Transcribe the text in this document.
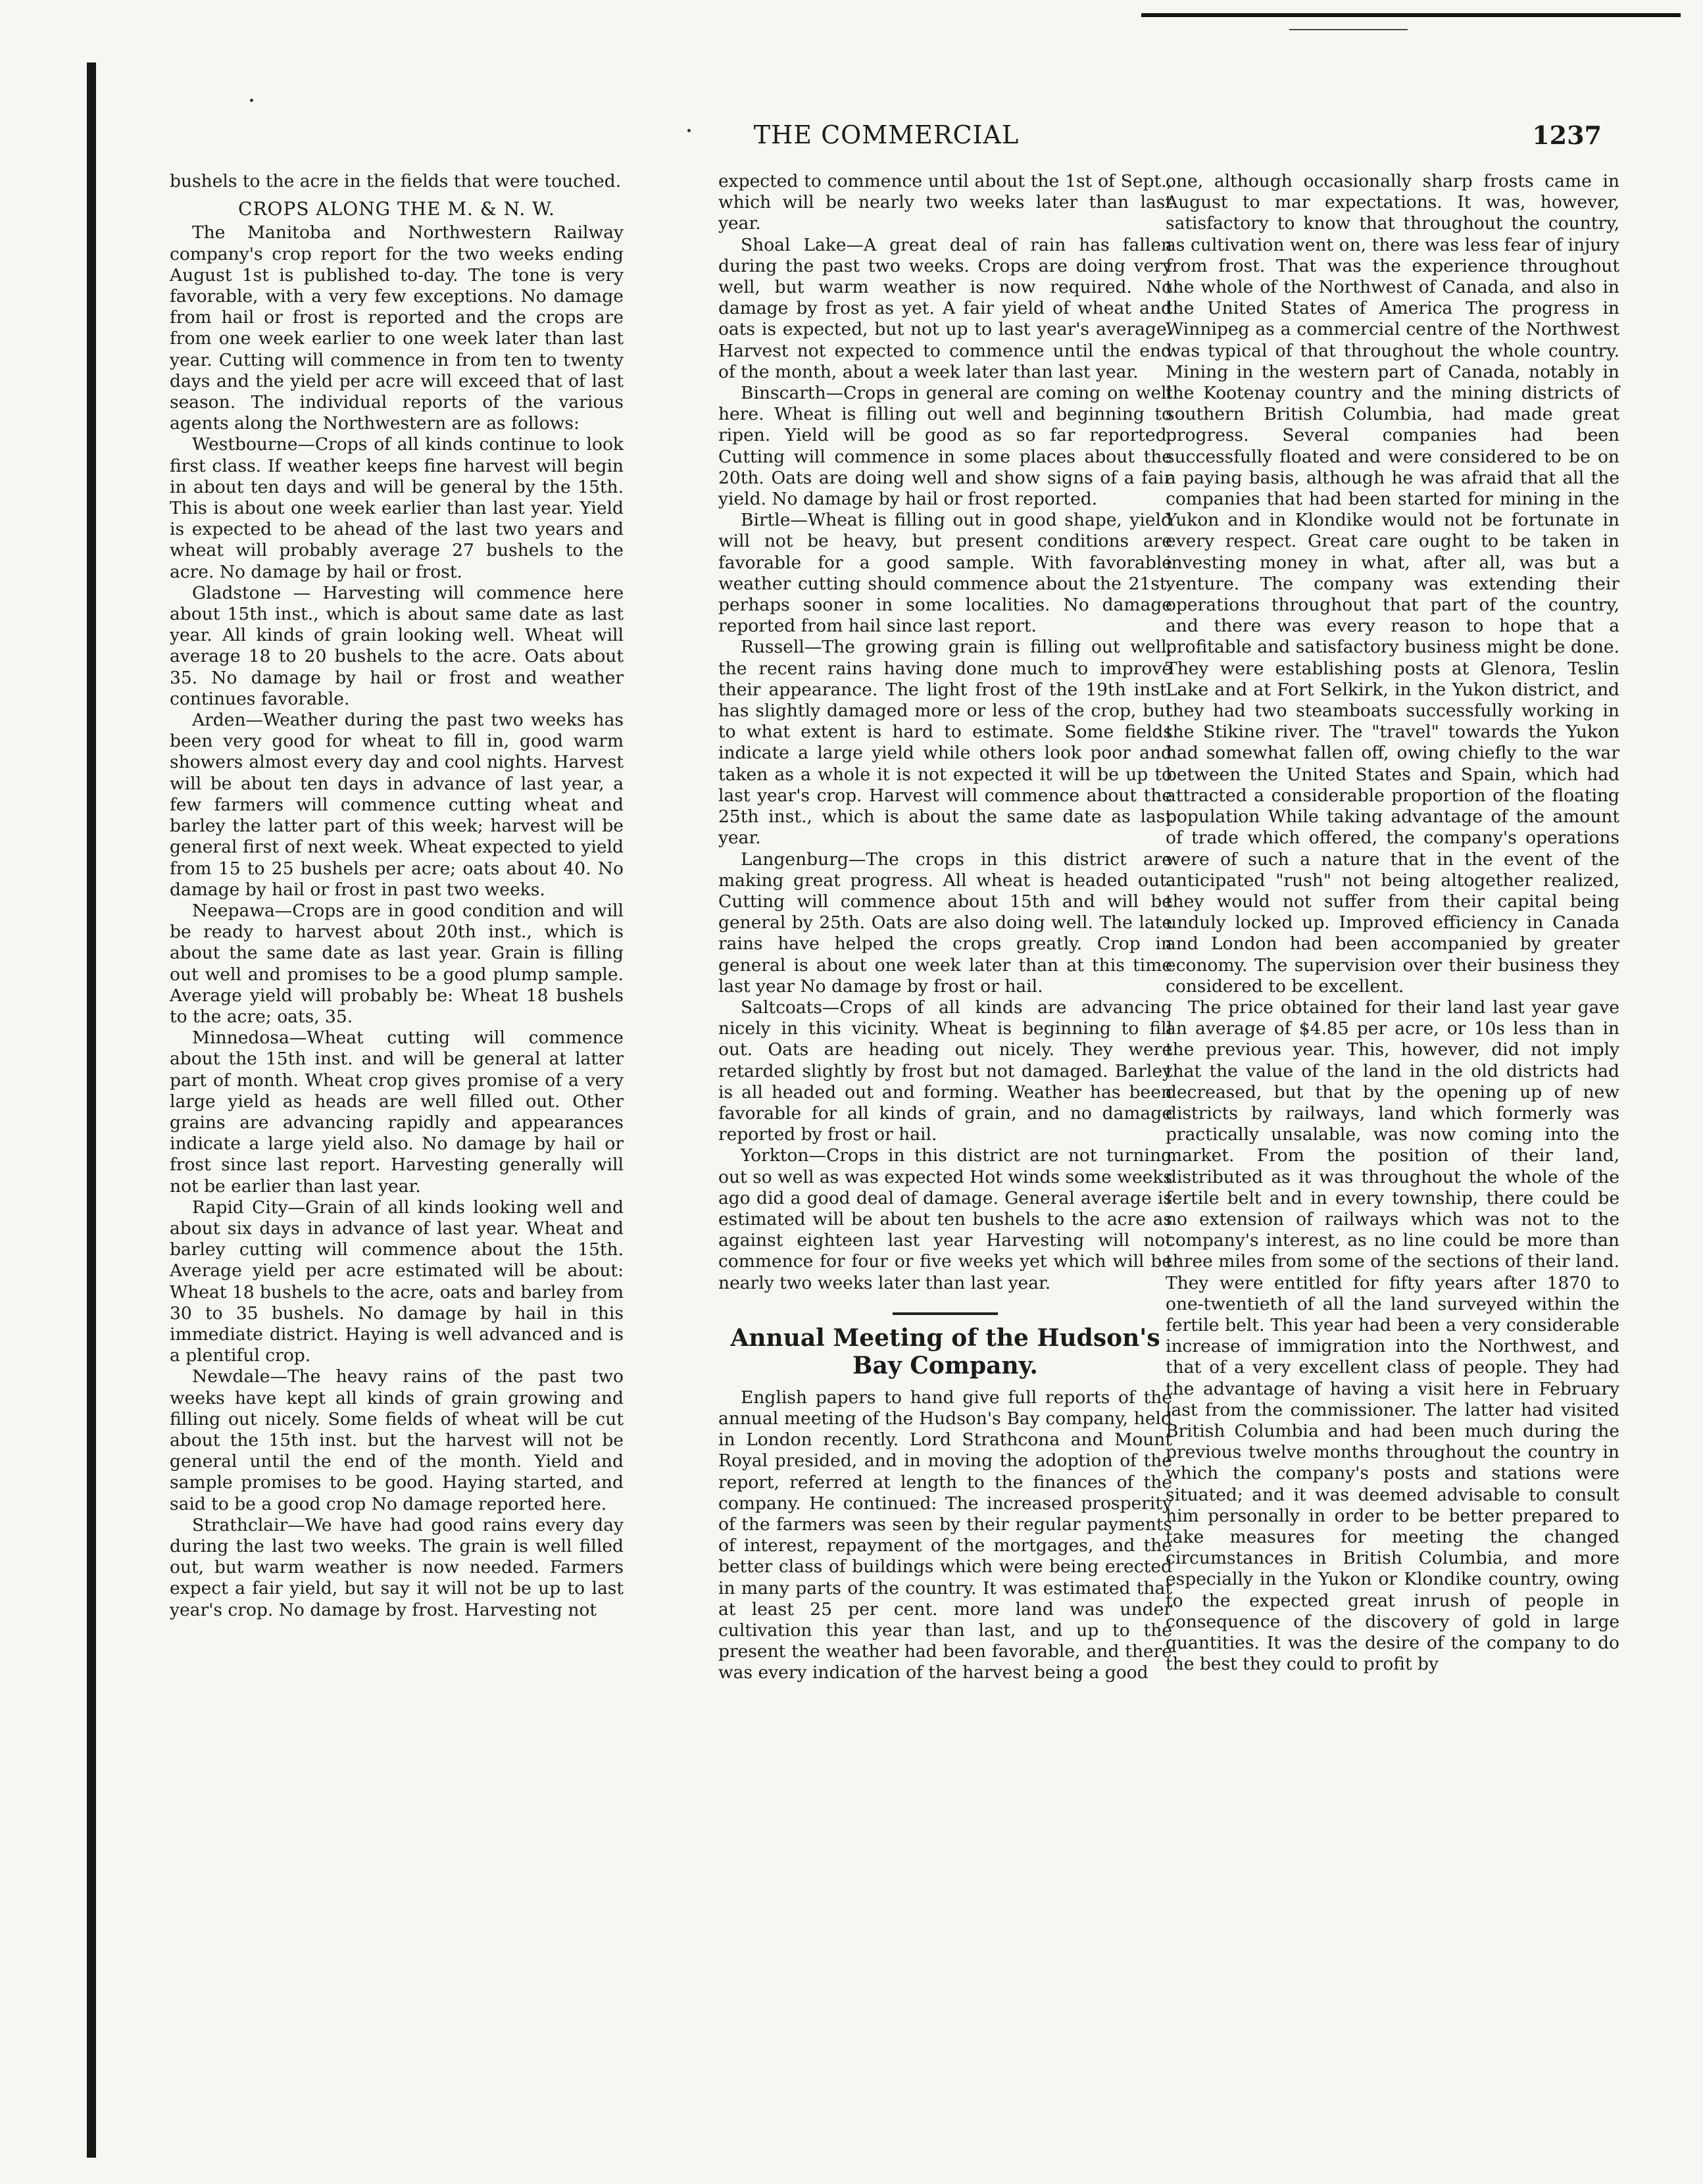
THE COMMERCIAL	1237

bushels to the acre in the fields that were touched.

CROPS ALONG THE M. & N. W.

The Manitoba and Northwestern Railway company's crop report for the two weeks ending August 1st is published to-day. The tone is very favorable, with a very few exceptions. No damage from hail or frost is reported and the crops are from one week earlier to one week later than last year. Cutting will commence in from ten to twenty days and the yield per acre will exceed that of last season. The individual reports of the various agents along the Northwestern are as follows:

Westbourne—Crops of all kinds continue to look first class. If weather keeps fine harvest will begin in about ten days and will be general by the 15th. This is about one week earlier than last year. Yield is expected to be ahead of the last two years and wheat will probably average 27 bushels to the acre. No damage by hail or frost.

Gladstone — Harvesting will commence here about 15th inst., which is about same date as last year. All kinds of grain looking well. Wheat will average 18 to 20 bushels to the acre. Oats about 35. No damage by hail or frost and weather continues favorable.

Arden—Weather during the past two weeks has been very good for wheat to fill in, good warm showers almost every day and cool nights. Harvest will be about ten days in advance of last year, a few farmers will commence cutting wheat and barley the latter part of this week; harvest will be general first of next week. Wheat expected to yield from 15 to 25 bushels per acre; oats about 40. No damage by hail or frost in past two weeks.

Neepawa—Crops are in good condition and will be ready to harvest about 20th inst., which is about the same date as last year. Grain is filling out well and promises to be a good plump sample. Average yield will probably be: Wheat 18 bushels to the acre; oats, 35.

Minnedosa—Wheat cutting will commence about the 15th inst. and will be general at latter part of month. Wheat crop gives promise of a very large yield as heads are well filled out. Other grains are advancing rapidly and appearances indicate a large yield also. No damage by hail or frost since last report. Harvesting generally will not be earlier than last year.

Rapid City—Grain of all kinds looking well and about six days in advance of last year. Wheat and barley cutting will commence about the 15th. Average yield per acre estimated will be about: Wheat 18 bushels to the acre, oats and barley from 30 to 35 bushels. No damage by hail in this immediate district. Haying is well advanced and is a plentiful crop.

Newdale—The heavy rains of the past two weeks have kept all kinds of grain growing and filling out nicely. Some fields of wheat will be cut about the 15th inst. but the harvest will not be general until the end of the month. Yield and sample promises to be good. Haying started, and said to be a good crop No damage reported here.

Strathclair—We have had good rains every day during the last two weeks. The grain is well filled out, but warm weather is now needed. Farmers expect a fair yield, but say it will not be up to last year's crop. No damage by frost. Harvesting not

expected to commence until about the 1st of Sept., which will be nearly two weeks later than last year.

Shoal Lake—A great deal of rain has fallen during the past two weeks. Crops are doing very well, but warm weather is now required. No damage by frost as yet. A fair yield of wheat and oats is expected, but not up to last year's average. Harvest not expected to commence until the end of the month, about a week later than last year.

Binscarth—Crops in general are coming on well here. Wheat is filling out well and beginning to ripen. Yield will be good as so far reported. Cutting will commence in some places about the 20th. Oats are doing well and show signs of a fair yield. No damage by hail or frost reported.

Birtle—Wheat is filling out in good shape, yield will not be heavy, but present conditions are favorable for a good sample. With favorable weather cutting should commence about the 21st, perhaps sooner in some localities. No damage reported from hail since last report.

Russell—The growing grain is filling out well, the recent rains having done much to improve their appearance. The light frost of the 19th inst. has slightly damaged more or less of the crop, but to what extent is hard to estimate. Some fields indicate a large yield while others look poor and taken as a whole it is not expected it will be up to last year's crop. Harvest will commence about the 25th inst., which is about the same date as last year.

Langenburg—The crops in this district are making great progress. All wheat is headed out. Cutting will commence about 15th and will be general by 25th. Oats are also doing well. The late rains have helped the crops greatly. Crop in general is about one week later than at this time last year No damage by frost or hail.

Saltcoats—Crops of all kinds are advancing nicely in this vicinity. Wheat is beginning to fill out. Oats are heading out nicely. They were retarded slightly by frost but not damaged. Barley is all headed out and forming. Weather has been favorable for all kinds of grain, and no damage reported by frost or hail.

Yorkton—Crops in this district are not turning out so well as was expected Hot winds some weeks ago did a good deal of damage. General average is estimated will be about ten bushels to the acre as against eighteen last year Harvesting will not commence for four or five weeks yet which will be nearly two weeks later than last year.

Annual Meeting of the Hudson's Bay Company.

English papers to hand give full reports of the annual meeting of the Hudson's Bay company, held in London recently. Lord Strathcona and Mount Royal presided, and in moving the adoption of the report, referred at length to the finances of the company. He continued: The increased prosperity of the farmers was seen by their regular payments of interest, repayment of the mortgages, and the better class of buildings which were being erected in many parts of the country. It was estimated that at least 25 per cent. more land was under cultivation this year than last, and up to the present the weather had been favorable, and there was every indication of the harvest being a good

one, although occasionally sharp frosts came in August to mar expectations. It was, however, satisfactory to know that throughout the country, as cultivation went on, there was less fear of injury from frost. That was the experience throughout the whole of the Northwest of Canada, and also in the United States of America The progress in Winnipeg as a commercial centre of the Northwest was typical of that throughout the whole country. Mining in the western part of Canada, notably in the Kootenay country and the mining districts of southern British Columbia, had made great progress. Several companies had been successfully floated and were considered to be on a paying basis, although he was afraid that all the companies that had been started for mining in the Yukon and in Klondike would not be fortunate in every respect. Great care ought to be taken in investing money in what, after all, was but a venture. The company was extending their operations throughout that part of the country, and there was every reason to hope that a profitable and satisfactory business might be done. They were establishing posts at Glenora, Teslin Lake and at Fort Selkirk, in the Yukon district, and they had two steamboats successfully working in the Stikine river. The "travel" towards the Yukon had somewhat fallen off, owing chiefly to the war between the United States and Spain, which had attracted a considerable proportion of the floating population While taking advantage of the amount of trade which offered, the company's operations were of such a nature that in the event of the anticipated "rush" not being altogether realized, they would not suffer from their capital being unduly locked up. Improved efficiency in Canada and London had been accompanied by greater economy. The supervision over their business they considered to be excellent.

The price obtained for their land last year gave an average of $4.85 per acre, or 10s less than in the previous year. This, however, did not imply that the value of the land in the old districts had decreased, but that by the opening up of new districts by railways, land which formerly was practically unsalable, was now coming into the market. From the position of their land, distributed as it was throughout the whole of the fertile belt and in every township, there could be no extension of railways which was not to the company's interest, as no line could be more than three miles from some of the sections of their land. They were entitled for fifty years after 1870 to one-twentieth of all the land surveyed within the fertile belt. This year had been a very considerable increase of immigration into the Northwest, and that of a very excellent class of people. They had the advantage of having a visit here in February last from the commissioner. The latter had visited British Columbia and had been much during the previous twelve months throughout the country in which the company's posts and stations were situated; and it was deemed advisable to consult him personally in order to be better prepared to take measures for meeting the changed circumstances in British Columbia, and more especially in the Yukon or Klondike country, owing to the expected great inrush of people in consequence of the discovery of gold in large quantities. It was the desire of the company to do the best they could to profit by
